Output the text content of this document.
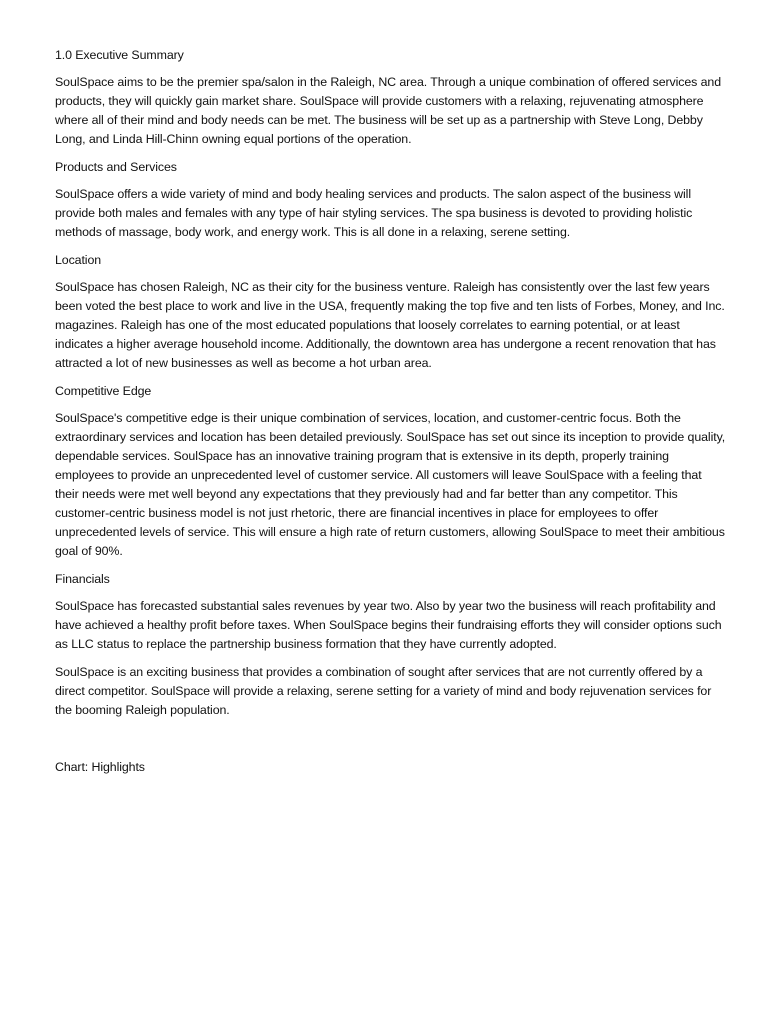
1.0 Executive Summary
SoulSpace aims to be the premier spa/salon in the Raleigh, NC area. Through a unique combination of offered services and products, they will quickly gain market share. SoulSpace will provide customers with a relaxing, rejuvenating atmosphere where all of their mind and body needs can be met. The business will be set up as a partnership with Steve Long, Debby Long, and Linda Hill-Chinn owning equal portions of the operation.
Products and Services
SoulSpace offers a wide variety of mind and body healing services and products. The salon aspect of the business will provide both males and females with any type of hair styling services. The spa business is devoted to providing holistic methods of massage, body work, and energy work. This is all done in a relaxing, serene setting.
Location
SoulSpace has chosen Raleigh, NC as their city for the business venture. Raleigh has consistently over the last few years been voted the best place to work and live in the USA, frequently making the top five and ten lists of Forbes, Money, and Inc. magazines. Raleigh has one of the most educated populations that loosely correlates to earning potential, or at least indicates a higher average household income. Additionally, the downtown area has undergone a recent renovation that has attracted a lot of new businesses as well as become a hot urban area.
Competitive Edge
SoulSpace's competitive edge is their unique combination of services, location, and customer-centric focus. Both the extraordinary services and location has been detailed previously. SoulSpace has set out since its inception to provide quality, dependable services. SoulSpace has an innovative training program that is extensive in its depth, properly training employees to provide an unprecedented level of customer service. All customers will leave SoulSpace with a feeling that their needs were met well beyond any expectations that they previously had and far better than any competitor. This customer-centric business model is not just rhetoric, there are financial incentives in place for employees to offer unprecedented levels of service. This will ensure a high rate of return customers, allowing SoulSpace to meet their ambitious goal of 90%.
Financials
SoulSpace has forecasted substantial sales revenues by year two. Also by year two the business will reach profitability and have achieved a healthy profit before taxes. When SoulSpace begins their fundraising efforts they will consider options such as LLC status to replace the partnership business formation that they have currently adopted.
SoulSpace is an exciting business that provides a combination of sought after services that are not currently offered by a direct competitor. SoulSpace will provide a relaxing, serene setting for a variety of mind and body rejuvenation services for the booming Raleigh population.
Chart: Highlights
